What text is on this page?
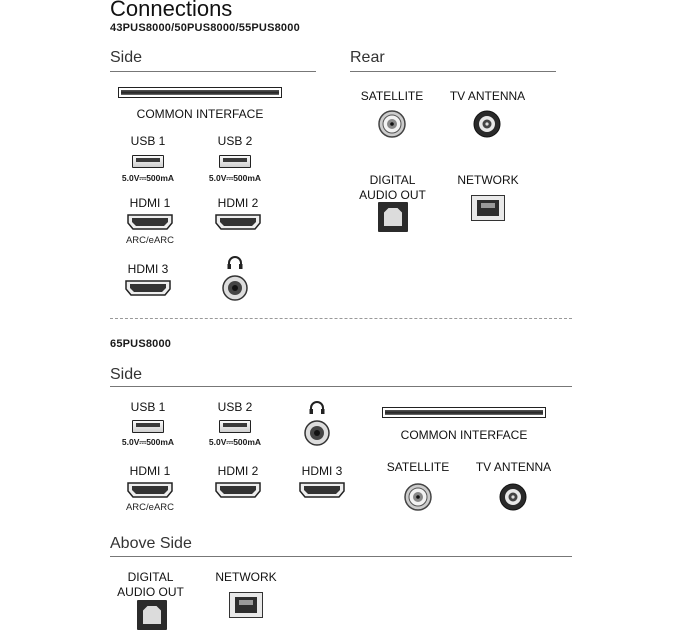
Connections
43PUS8000/50PUS8000/55PUS8000
Side	Rear
COMMON INTERFACE
USB 1
5.0V⎓500mA
USB 2
5.0V⎓500mA
HDMI 1
ARC/eARC
HDMI 2
HDMI 3
SATELLITE	TV ANTENNA
DIGITAL
AUDIO OUT
NETWORK
65PUS8000
Side
USB 1
5.0V⎓500mA
USB 2
5.0V⎓500mA	COMMON INTERFACE
HDMI 1
ARC/eARC
HDMI 2	HDMI 3	SATELLITE	TV ANTENNA
Above Side
DIGITAL
AUDIO OUT
NETWORK
